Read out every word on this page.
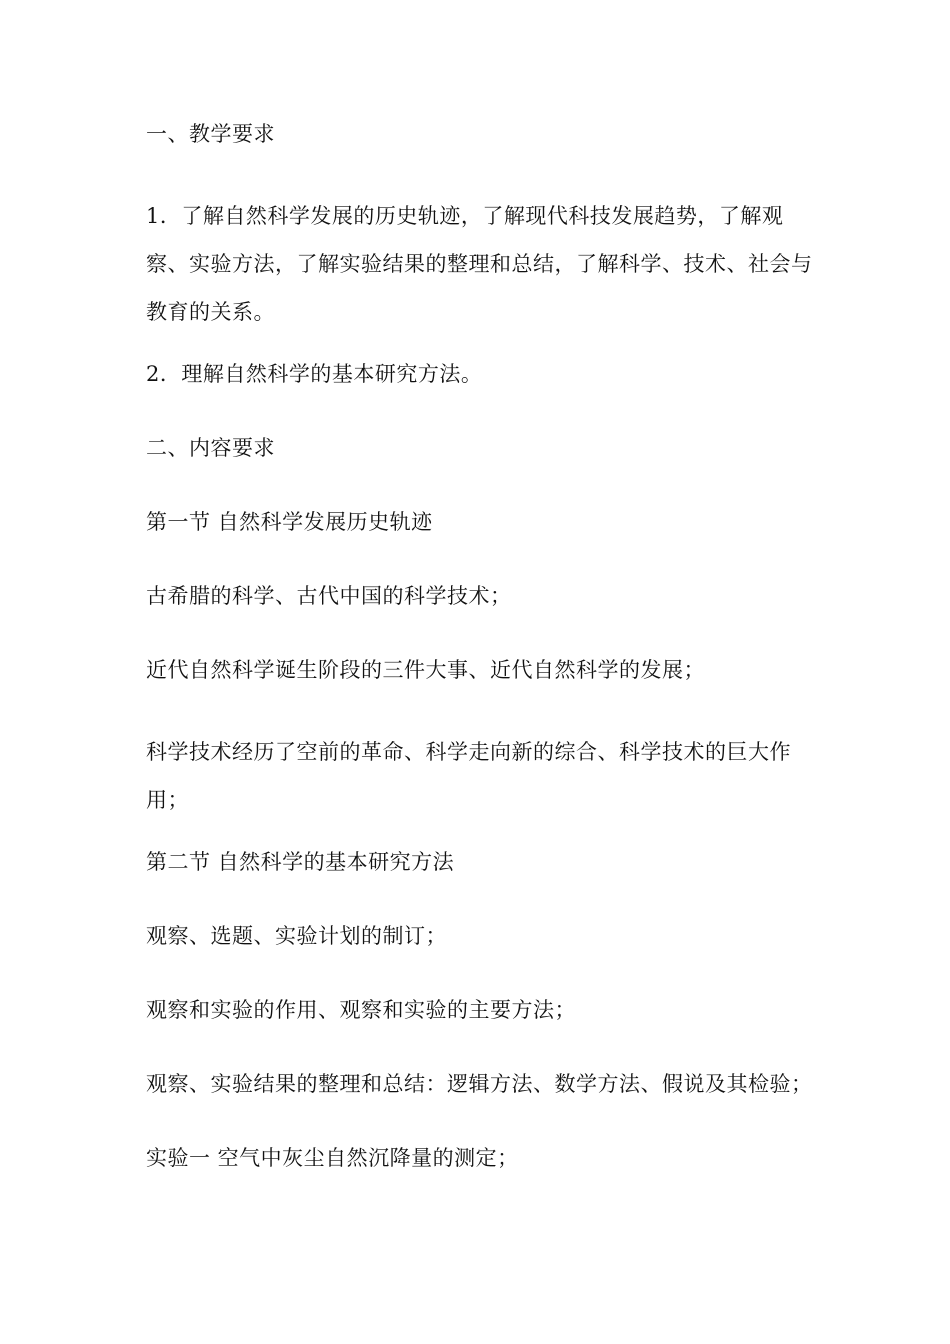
一、教学要求

1．了解自然科学发展的历史轨迹，了解现代科技发展趋势，了解观察、实验方法，了解实验结果的整理和总结，了解科学、技术、社会与教育的关系。

2．理解自然科学的基本研究方法。

二、内容要求

第一节 自然科学发展历史轨迹

古希腊的科学、古代中国的科学技术；

近代自然科学诞生阶段的三件大事、近代自然科学的发展；

科学技术经历了空前的革命、科学走向新的综合、科学技术的巨大作用；

第二节 自然科学的基本研究方法

观察、选题、实验计划的制订；

观察和实验的作用、观察和实验的主要方法；

观察、实验结果的整理和总结：逻辑方法、数学方法、假说及其检验；

实验一 空气中灰尘自然沉降量的测定；
